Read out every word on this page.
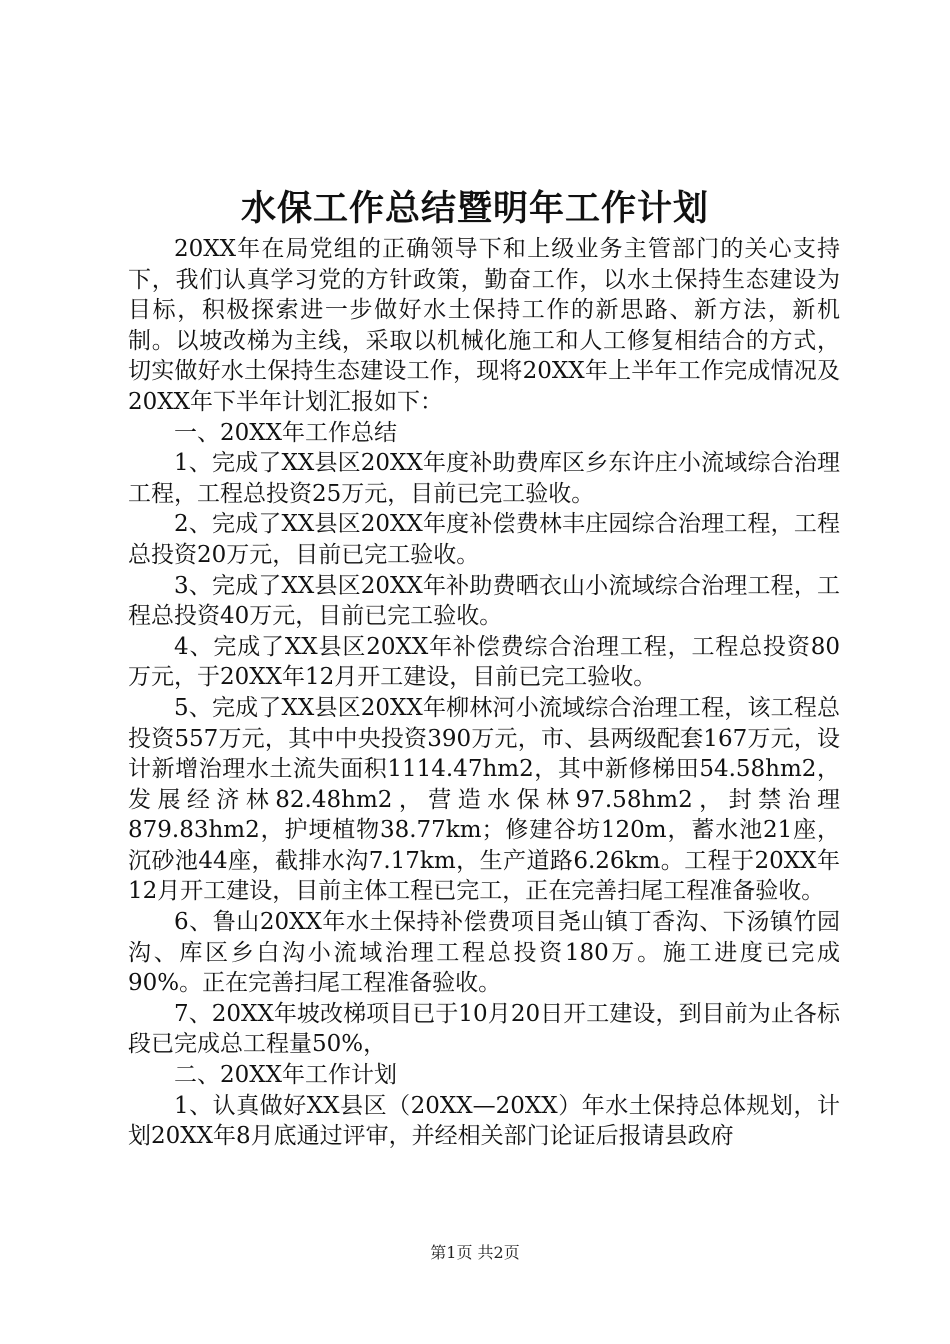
水保工作总结暨明年工作计划

20XX年在局党组的正确领导下和上级业务主管部门的关心支持下，我们认真学习党的方针政策，勤奋工作，以水土保持生态建设为目标，积极探索进一步做好水土保持工作的新思路、新方法，新机制。以坡改梯为主线，采取以机械化施工和人工修复相结合的方式，切实做好水土保持生态建设工作，现将20XX年上半年工作完成情况及20XX年下半年计划汇报如下：

一、20XX年工作总结

1、完成了XX县区20XX年度补助费库区乡东许庄小流域综合治理工程，工程总投资25万元，目前已完工验收。

2、完成了XX县区20XX年度补偿费林丰庄园综合治理工程，工程总投资20万元，目前已完工验收。

3、完成了XX县区20XX年补助费晒衣山小流域综合治理工程，工程总投资40万元，目前已完工验收。

4、完成了XX县区20XX年补偿费综合治理工程，工程总投资80万元，于20XX年12月开工建设，目前已完工验收。

5、完成了XX县区20XX年柳林河小流域综合治理工程，该工程总投资557万元，其中中央投资390万元，市、县两级配套167万元，设计新增治理水土流失面积1114.47hm2，其中新修梯田54.58hm2，发展经济林82.48hm2，营造水保林97.58hm2，封禁治理879.83hm2，护埂植物38.77km；修建谷坊120m，蓄水池21座，沉砂池44座，截排水沟7.17km，生产道路6.26km。工程于20XX年12月开工建设，目前主体工程已完工，正在完善扫尾工程准备验收。

6、鲁山20XX年水土保持补偿费项目尧山镇丁香沟、下汤镇竹园沟、库区乡白沟小流域治理工程总投资180万。施工进度已完成90%。正在完善扫尾工程准备验收。

7、20XX年坡改梯项目已于10月20日开工建设，到目前为止各标段已完成总工程量50%，

二、20XX年工作计划

1、认真做好XX县区（20XX—20XX）年水土保持总体规划，计划20XX年8月底通过评审，并经相关部门论证后报请县政府

第1页 共2页
